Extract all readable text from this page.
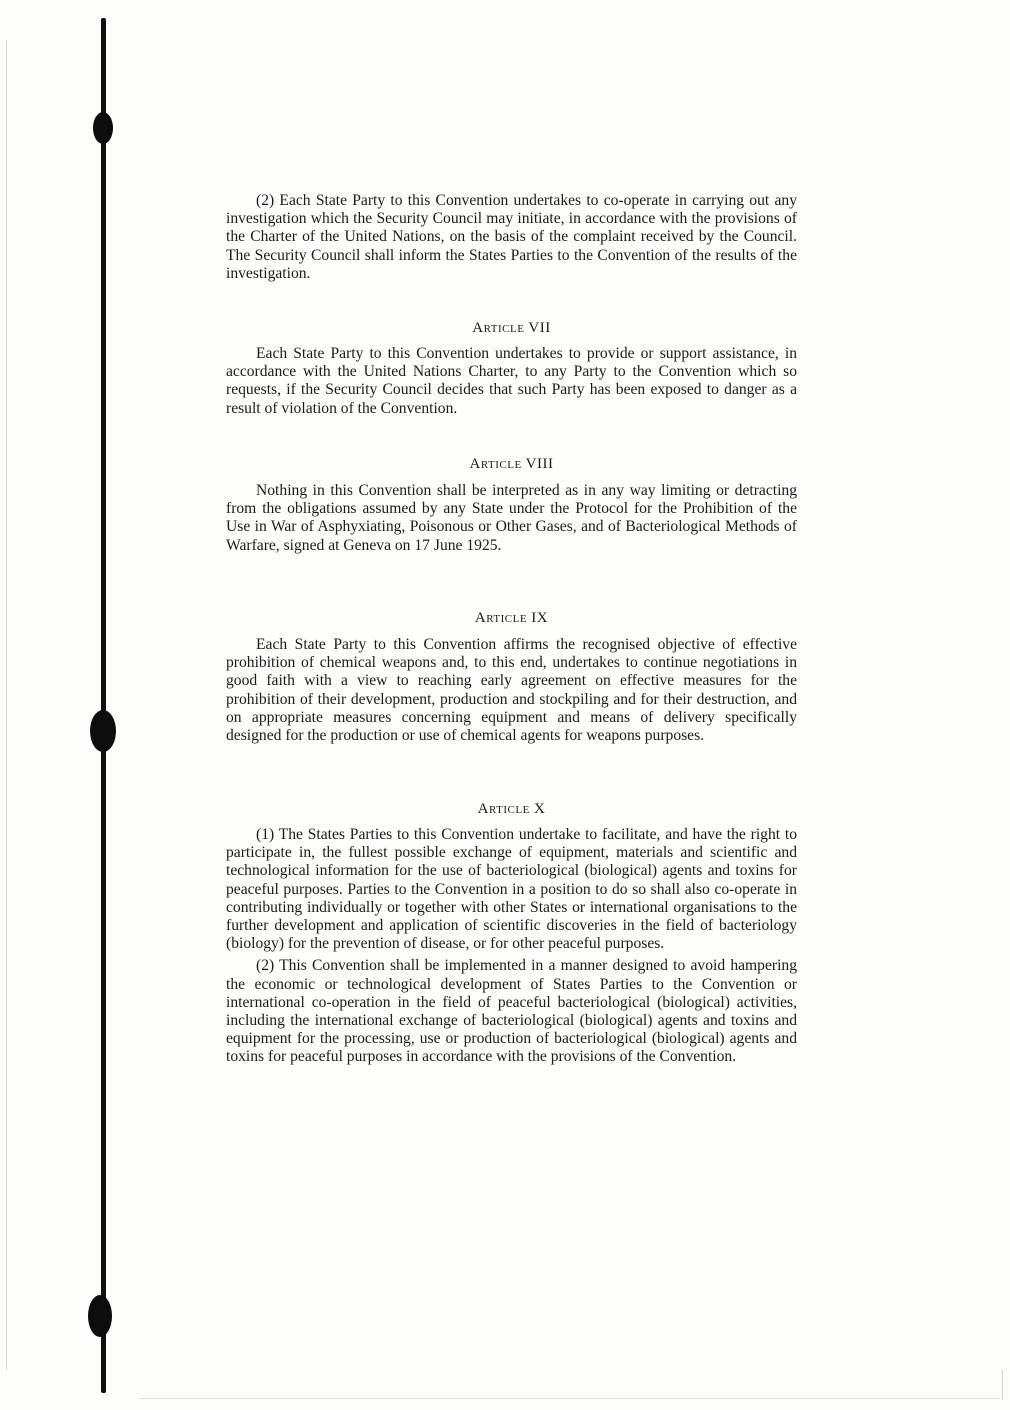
(2) Each State Party to this Convention undertakes to co-operate in carrying out any investigation which the Security Council may initiate, in accordance with the provisions of the Charter of the United Nations, on the basis of the complaint received by the Council. The Security Council shall inform the States Parties to the Convention of the results of the investigation.

Article VII

Each State Party to this Convention undertakes to provide or support assistance, in accordance with the United Nations Charter, to any Party to the Convention which so requests, if the Security Council decides that such Party has been exposed to danger as a result of violation of the Convention.

Article VIII

Nothing in this Convention shall be interpreted as in any way limiting or detracting from the obligations assumed by any State under the Protocol for the Prohibition of the Use in War of Asphyxiating, Poisonous or Other Gases, and of Bacteriological Methods of Warfare, signed at Geneva on 17 June 1925.

Article IX

Each State Party to this Convention affirms the recognised objective of effective prohibition of chemical weapons and, to this end, undertakes to continue negotiations in good faith with a view to reaching early agreement on effective measures for the prohibition of their development, production and stockpiling and for their destruction, and on appropriate measures concerning equipment and means of delivery specifically designed for the production or use of chemical agents for weapons purposes.

Article X

(1) The States Parties to this Convention undertake to facilitate, and have the right to participate in, the fullest possible exchange of equipment, materials and scientific and technological information for the use of bacteriological (biological) agents and toxins for peaceful purposes. Parties to the Convention in a position to do so shall also co-operate in contributing individually or together with other States or international organisations to the further development and application of scientific discoveries in the field of bacteriology (biology) for the prevention of disease, or for other peaceful purposes.

(2) This Convention shall be implemented in a manner designed to avoid hampering the economic or technological development of States Parties to the Convention or international co-operation in the field of peaceful bacteriological (biological) activities, including the international exchange of bacteriological (biological) agents and toxins and equipment for the processing, use or production of bacteriological (biological) agents and toxins for peaceful purposes in accordance with the provisions of the Convention.
